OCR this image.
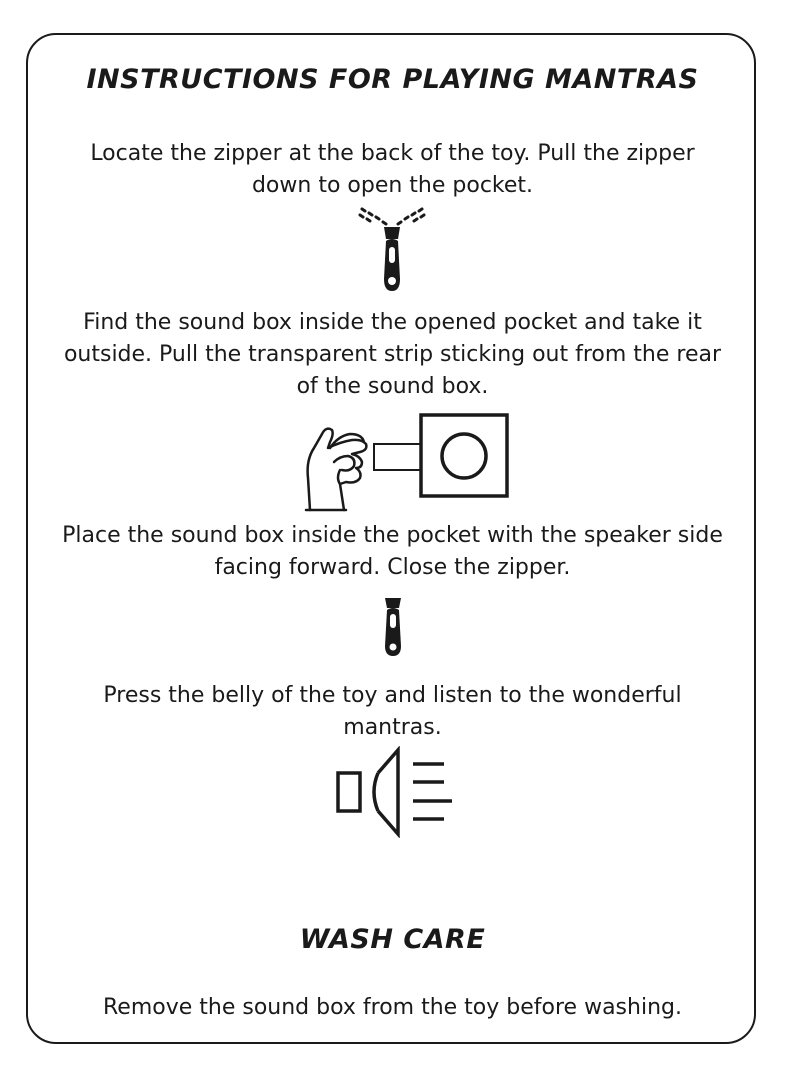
INSTRUCTIONS FOR PLAYING MANTRAS

Locate the zipper at the back of the toy. Pull the zipper down to open the pocket.

Find the sound box inside the opened pocket and take it outside. Pull the transparent strip sticking out from the rear of the sound box.

Place the sound box inside the pocket with the speaker side facing forward. Close the zipper.

Press the belly of the toy and listen to the wonderful mantras.

WASH CARE

Remove the sound box from the toy before washing.
